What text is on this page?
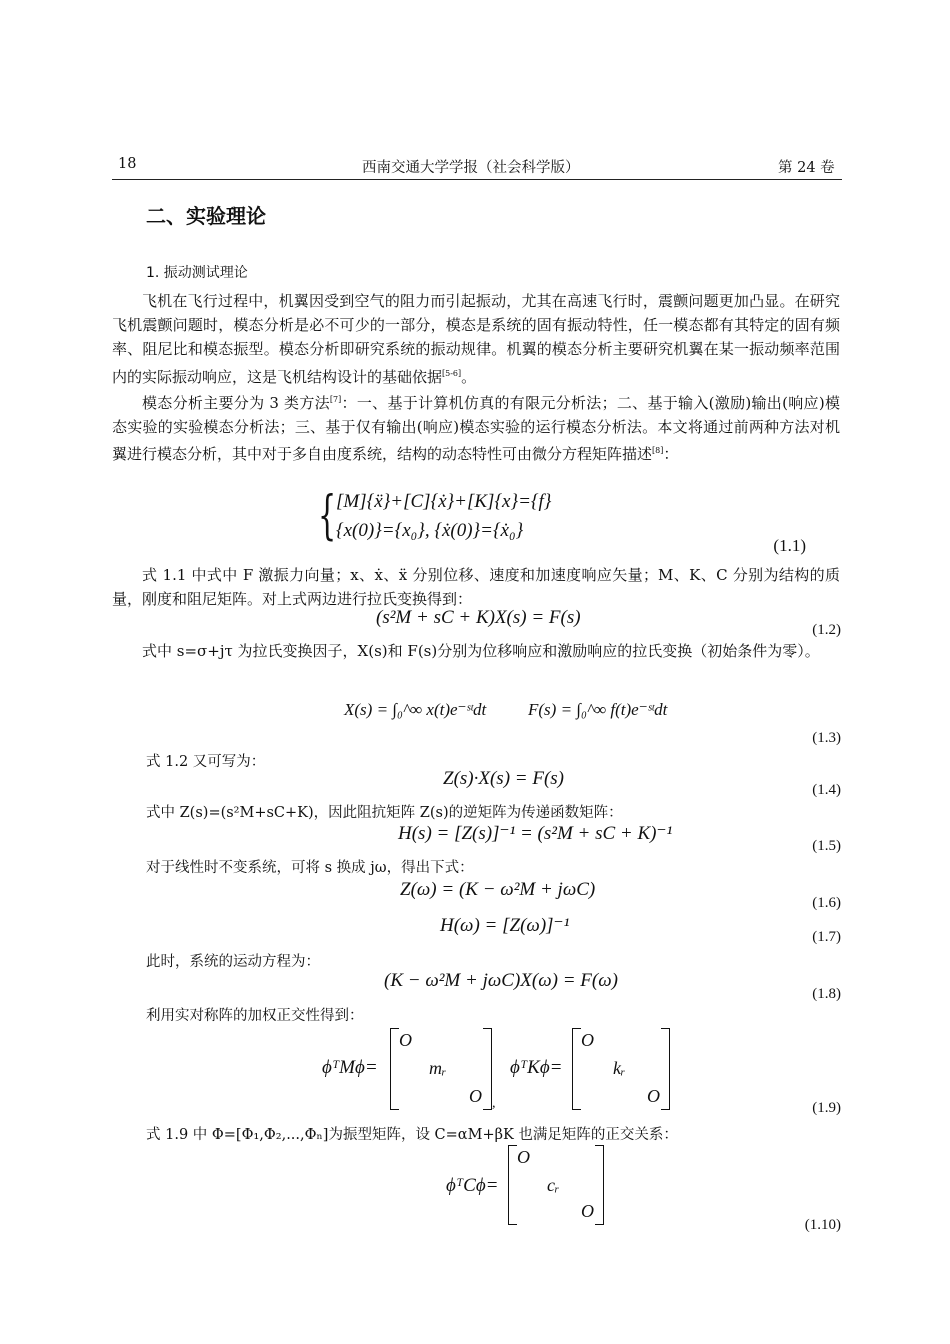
18	西南交通大学学报（社会科学版）	第 24 卷
二、实验理论
1. 振动测试理论
飞机在飞行过程中，机翼因受到空气的阻力而引起振动，尤其在高速飞行时，震颤问题更加凸显。在研究飞机震颤问题时，模态分析是必不可少的一部分，模态是系统的固有振动特性，任一模态都有其特定的固有频率、阻尼比和模态振型。模态分析即研究系统的振动规律。机翼的模态分析主要研究机翼在某一振动频率范围内的实际振动响应，这是飞机结构设计的基础依据[5-6]。
模态分析主要分为 3 类方法[7]：一、基于计算机仿真的有限元分析法；二、基于输入(激励)输出(响应)模态实验的实验模态分析法；三、基于仅有输出(响应)模态实验的运行模态分析法。本文将通过前两种方法对机翼进行模态分析，其中对于多自由度系统，结构的动态特性可由微分方程矩阵描述[8]：
{ [M]{ẍ}+[C]{ẋ}+[K]{x}={f}
{x(0)}={x₀}, {ẋ(0)}={ẋ₀}
(1.1)
式 1.1 中式中 F 激振力向量；x、ẋ、ẍ 分别位移、速度和加速度响应矢量；M、K、C 分别为结构的质量，刚度和阻尼矩阵。对上式两边进行拉氏变换得到：
(s²M + sC + K)X(s) = F(s)
(1.2)
式中 s=σ+jτ 为拉氏变换因子，X(s)和 F(s)分别为位移响应和激励响应的拉氏变换（初始条件为零）。
X(s) = ∫₀^∞ x(t)e⁻ˢᵗdt F(s) = ∫₀^∞ f(t)e⁻ˢᵗdt
(1.3)
式 1.2 又可写为：
Z(s)·X(s) = F(s)
(1.4)
式中 Z(s)=(s²M+sC+K)，因此阻抗矩阵 Z(s)的逆矩阵为传递函数矩阵：
H(s) = [Z(s)]⁻¹ = (s²M + sC + K)⁻¹
(1.5)
对于线性时不变系统，可将 s 换成 jω，得出下式：
Z(ω) = (K − ω²M + jωC)
(1.6)
H(ω) = [Z(ω)]⁻¹
(1.7)
此时，系统的运动方程为：
(K − ω²M + jωC)X(ω) = F(ω)
(1.8)
利用实对称阵的加权正交性得到：
ϕᵀMϕ=
O
mᵣ
O ,
ϕᵀKϕ=
O
kᵣ
O
(1.9)
式 1.9 中 Φ=[Φ₁,Φ₂,...,Φₙ]为振型矩阵，设 C=αM+βK 也满足矩阵的正交关系：
ϕᵀCϕ=
O
cᵣ
O
(1.10)
